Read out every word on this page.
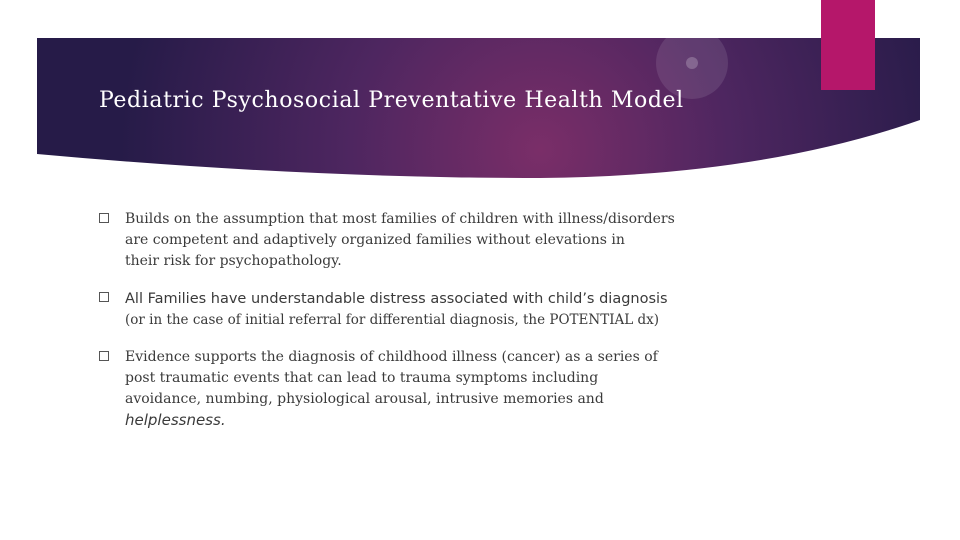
Pediatric Psychosocial Preventative Health Model
Builds on the assumption that most families of children with illness/disorders
are competent and adaptively organized families without elevations in
their risk for psychopathology.
All Families have understandable distress associated with child’s diagnosis
(or in the case of initial referral for differential diagnosis, the POTENTIAL dx)
Evidence supports the diagnosis of childhood illness (cancer) as a series of
post traumatic events that can lead to trauma symptoms including
avoidance, numbing, physiological arousal, intrusive memories and
helplessness.
